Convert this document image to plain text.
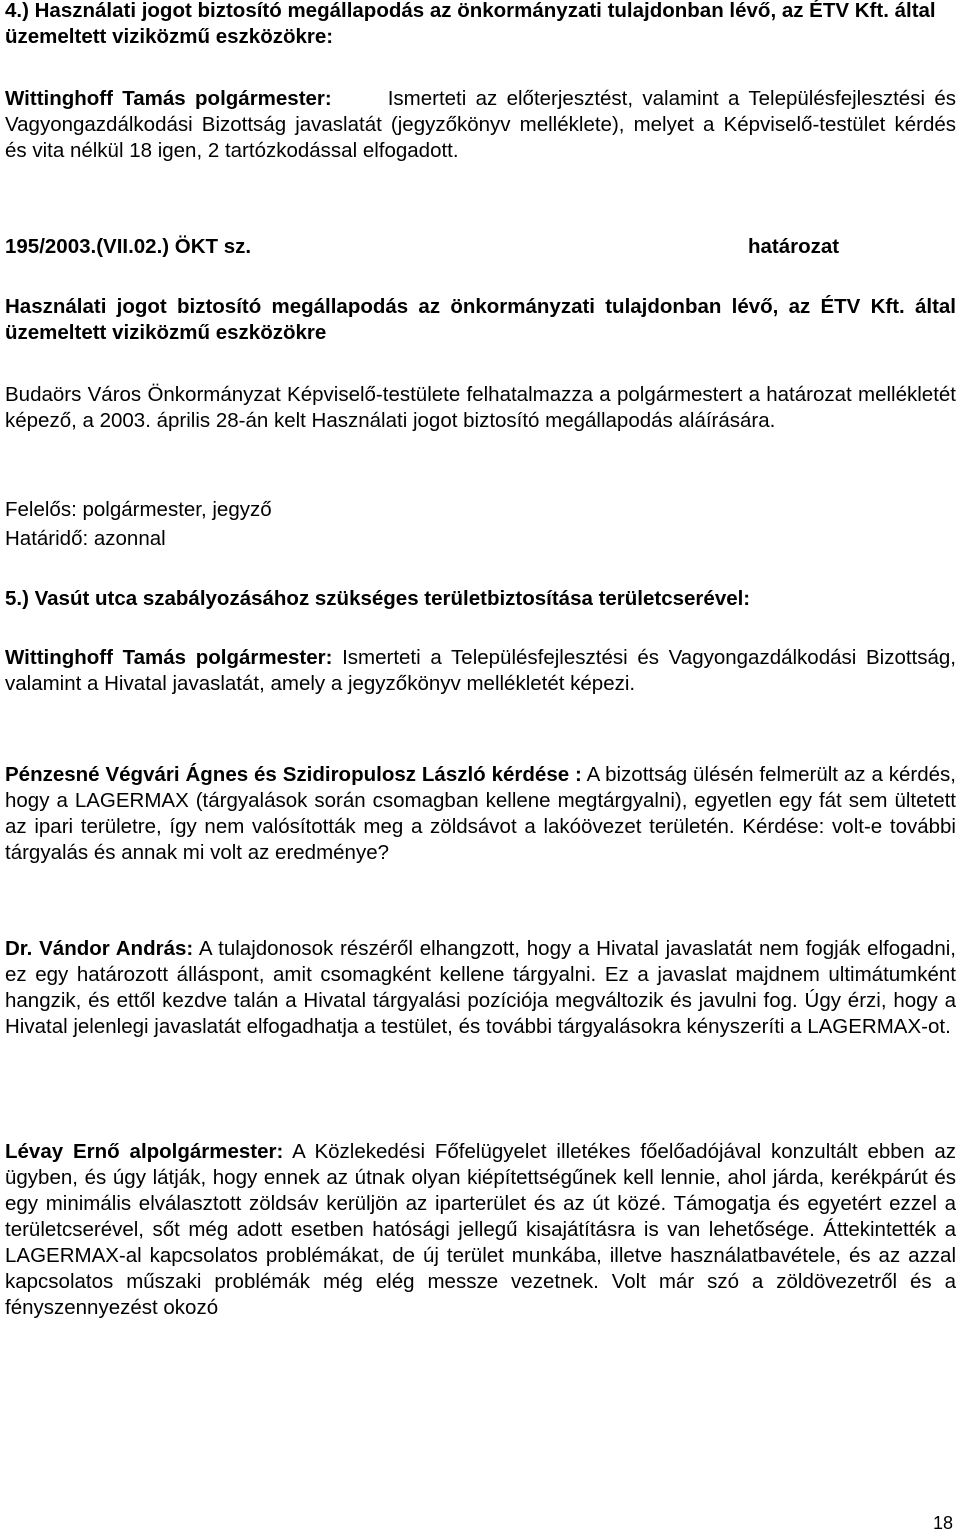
4.) Használati jogot biztosító megállapodás az önkormányzati tulajdonban lévő, az ÉTV Kft. által üzemeltett viziközmű eszközökre:

Wittinghoff Tamás polgármester:	Ismerteti az előterjesztést, valamint a Településfejlesztési és Vagyongazdálkodási Bizottság javaslatát (jegyzőkönyv melléklete), melyet a Képviselő-testület kérdés és vita nélkül 18 igen, 2 tartózkodással elfogadott.

195/2003.(VII.02.) ÖKT sz.	határozat

Használati jogot biztosító megállapodás az önkormányzati tulajdonban lévő, az ÉTV Kft. által üzemeltett viziközmű eszközökre

Budaörs Város Önkormányzat Képviselő-testülete felhatalmazza a polgármestert a határozat mellékletét képező, a 2003. április 28-án kelt Használati jogot biztosító megállapodás aláírására.

Felelős: polgármester, jegyző

Határidő: azonnal

5.) Vasút utca szabályozásához szükséges területbiztosítása területcserével:

Wittinghoff Tamás polgármester: Ismerteti a Településfejlesztési és Vagyongazdálkodási Bizottság, valamint a Hivatal javaslatát, amely a jegyzőkönyv mellékletét képezi.

Pénzesné Végvári Ágnes és Szidiropulosz László kérdése : A bizottság ülésén felmerült az a kérdés, hogy a LAGERMAX (tárgyalások során csomagban kellene megtárgyalni), egyetlen egy fát sem ültetett az ipari területre, így nem valósították meg a zöldsávot a lakóövezet területén. Kérdése: volt-e további tárgyalás és annak mi volt az eredménye?

Dr. Vándor András: A tulajdonosok részéről elhangzott, hogy a Hivatal javaslatát nem fogják elfogadni, ez egy határozott álláspont, amit csomagként kellene tárgyalni. Ez a javaslat majdnem ultimátumként hangzik, és ettől kezdve talán a Hivatal tárgyalási pozíciója megváltozik és javulni fog. Úgy érzi, hogy a Hivatal jelenlegi javaslatát elfogadhatja a testület, és további tárgyalásokra kényszeríti a LAGERMAX-ot.

Lévay Ernő alpolgármester: A Közlekedési Főfelügyelet illetékes főelőadójával konzultált ebben az ügyben, és úgy látják, hogy ennek az útnak olyan kiépítettségűnek kell lennie, ahol járda, kerékpárút és egy minimális elválasztott zöldsáv kerüljön az iparterület és az út közé. Támogatja és egyetért ezzel a területcserével, sőt még adott esetben hatósági jellegű kisajátításra is van lehetősége. Áttekintették a LAGERMAX-al kapcsolatos problémákat, de új terület munkába, illetve használatbavétele, és az azzal kapcsolatos műszaki problémák még elég messze vezetnek. Volt már szó a zöldövezetről és a fényszennyezést okozó

18
